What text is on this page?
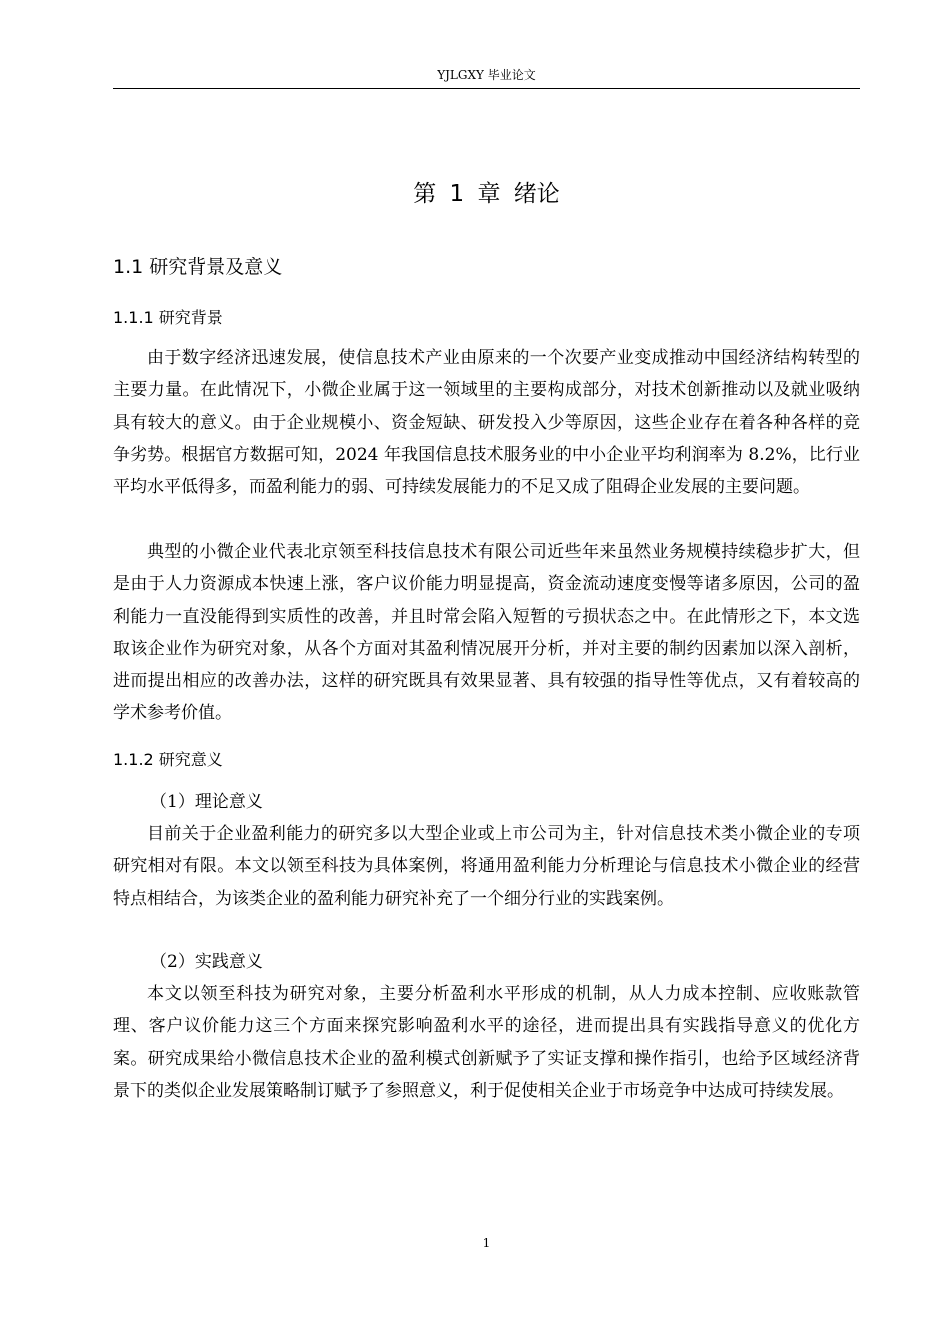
YJLGXY 毕业论文
第 1 章 绪论
1.1 研究背景及意义
1.1.1 研究背景

由于数字经济迅速发展，使信息技术产业由原来的一个次要产业变成推动中国经济结构转型的主要力量。在此情况下，小微企业属于这一领域里的主要构成部分，对技术创新推动以及就业吸纳具有较大的意义。由于企业规模小、资金短缺、研发投入少等原因，这些企业存在着各种各样的竞争劣势。根据官方数据可知，2024 年我国信息技术服务业的中小企业平均利润率为 8.2%，比行业平均水平低得多，而盈利能力的弱、可持续发展能力的不足又成了阻碍企业发展的主要问题。

典型的小微企业代表北京领至科技信息技术有限公司近些年来虽然业务规模持续稳步扩大，但是由于人力资源成本快速上涨，客户议价能力明显提高，资金流动速度变慢等诸多原因，公司的盈利能力一直没能得到实质性的改善，并且时常会陷入短暂的亏损状态之中。在此情形之下，本文选取该企业作为研究对象，从各个方面对其盈利情况展开分析，并对主要的制约因素加以深入剖析，进而提出相应的改善办法，这样的研究既具有效果显著、具有较强的指导性等优点，又有着较高的学术参考价值。

1.1.2 研究意义
（1）理论意义

目前关于企业盈利能力的研究多以大型企业或上市公司为主，针对信息技术类小微企业的专项研究相对有限。本文以领至科技为具体案例，将通用盈利能力分析理论与信息技术小微企业的经营特点相结合，为该类企业的盈利能力研究补充了一个细分行业的实践案例。

（2）实践意义

本文以领至科技为研究对象，主要分析盈利水平形成的机制，从人力成本控制、应收账款管理、客户议价能力这三个方面来探究影响盈利水平的途径，进而提出具有实践指导意义的优化方案。研究成果给小微信息技术企业的盈利模式创新赋予了实证支撑和操作指引，也给予区域经济背景下的类似企业发展策略制订赋予了参照意义，利于促使相关企业于市场竞争中达成可持续发展。

1
